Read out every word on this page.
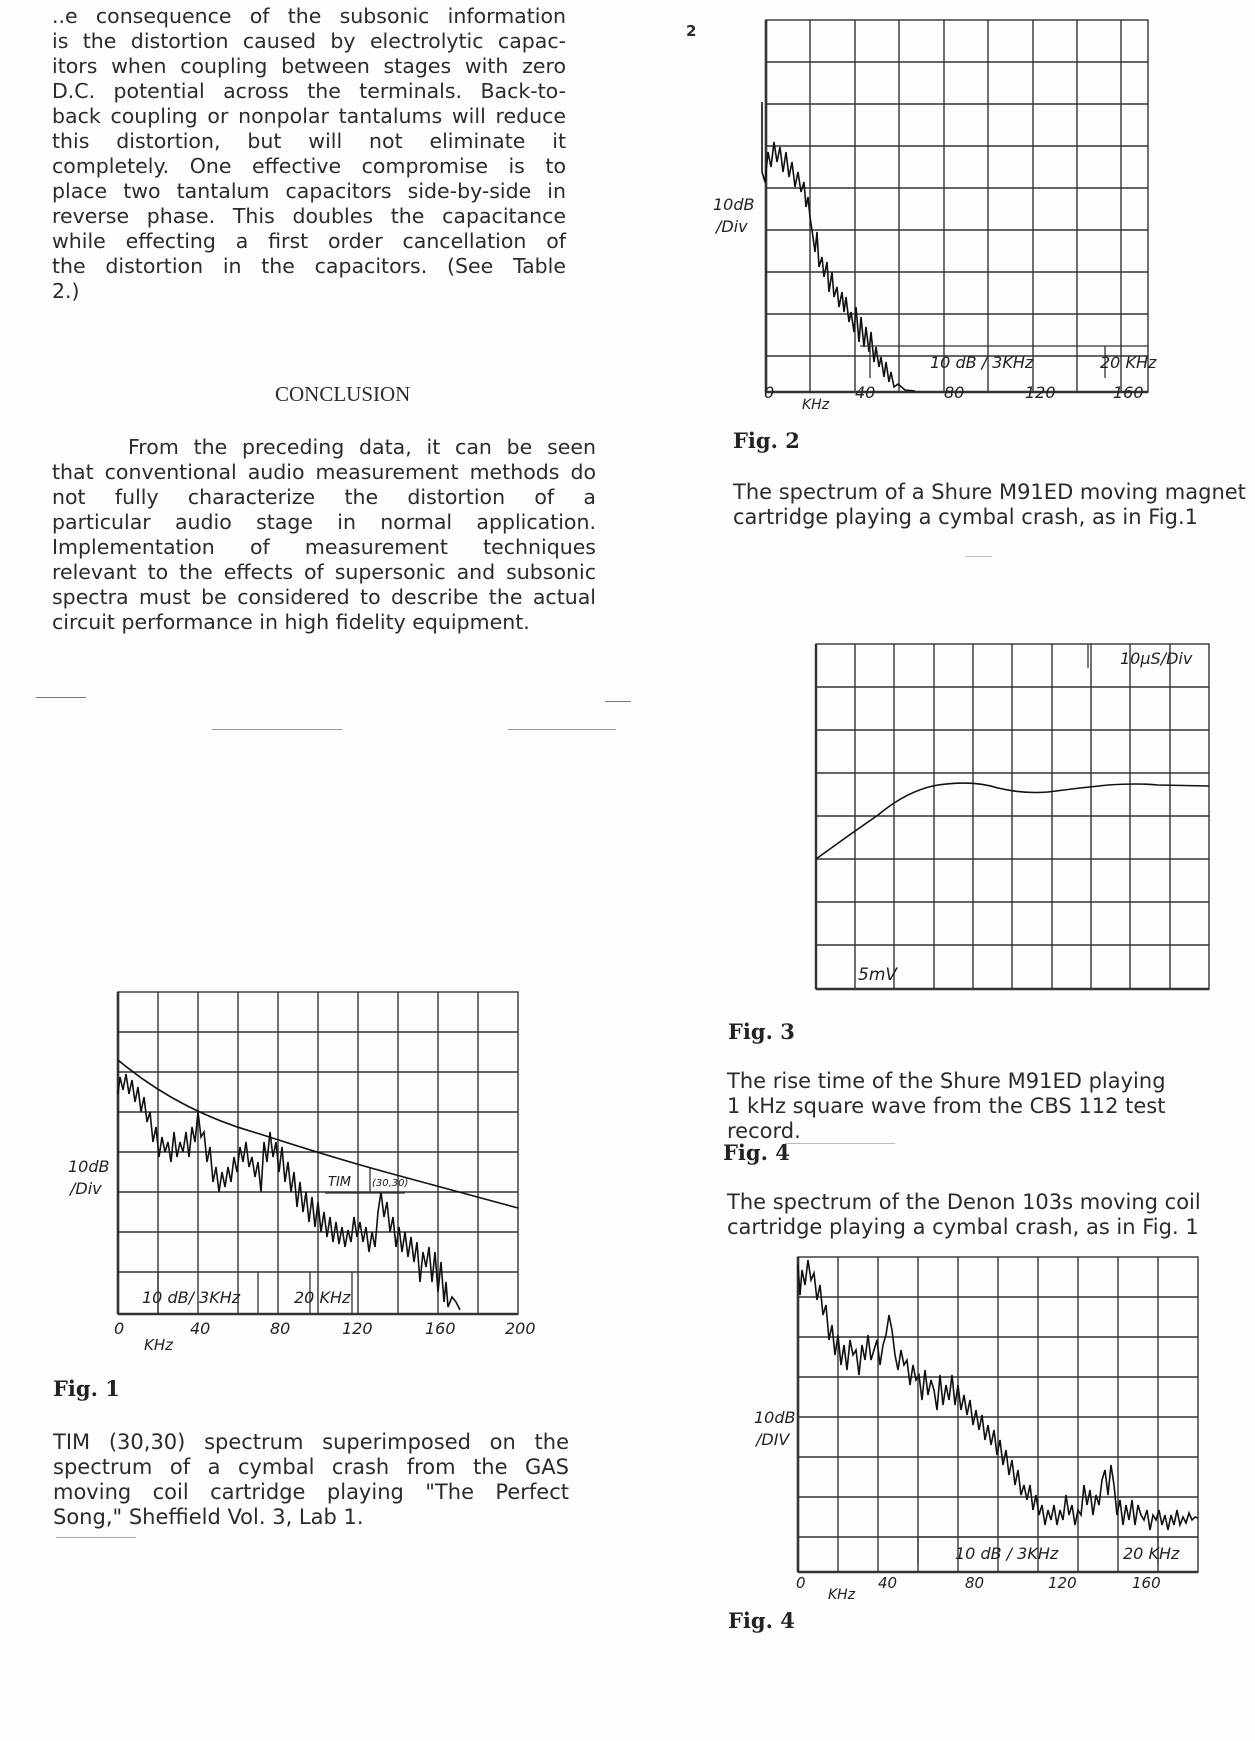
..e consequence of the subsonic information
is the distortion caused by electrolytic capac-
itors when coupling between stages with zero
D.C. potential across the terminals. Back-to-
back coupling or nonpolar tantalums will reduce
this distortion, but will not eliminate it
completely. One effective compromise is to
place two tantalum capacitors side-by-side in
reverse phase. This doubles the capacitance
while effecting a first order cancellation of
the distortion in the capacitors. (See Table
2.)
2
CONCLUSION
From the preceding data, it can be seen
that conventional audio measurement methods do
not fully characterize the distortion of a
particular audio stage in normal application.
Implementation of measurement techniques
relevant to the effects of supersonic and subsonic
spectra must be considered to describe the actual
circuit performance in high fidelity equipment.
10dB
/Div
10 dB / 3KHz	20 KHz
0	40	80	120	160
KHz
Fig. 2
The spectrum of a Shure M91ED moving magnet
cartridge playing a cymbal crash, as in Fig.1
10μS/Div
5mV
Fig. 3
The rise time of the Shure M91ED playing
1 kHz square wave from the CBS 112 test
record.
Fig. 4
The spectrum of the Denon 103s moving coil
cartridge playing a cymbal crash, as in Fig. 1
10dB
/DIV
10 dB / 3KHz	20 KHz
0	40	80	120	160
KHz
Fig. 4
10dB
/Div	TIM (30,30)
10 dB/ 3KHz	20 KHz
0	40	80	120	160	200
KHz
Fig. 1
TIM (30,30) spectrum superimposed on the
spectrum of a cymbal crash from the GAS
moving coil cartridge playing "The Perfect
Song," Sheffield Vol. 3, Lab 1.
